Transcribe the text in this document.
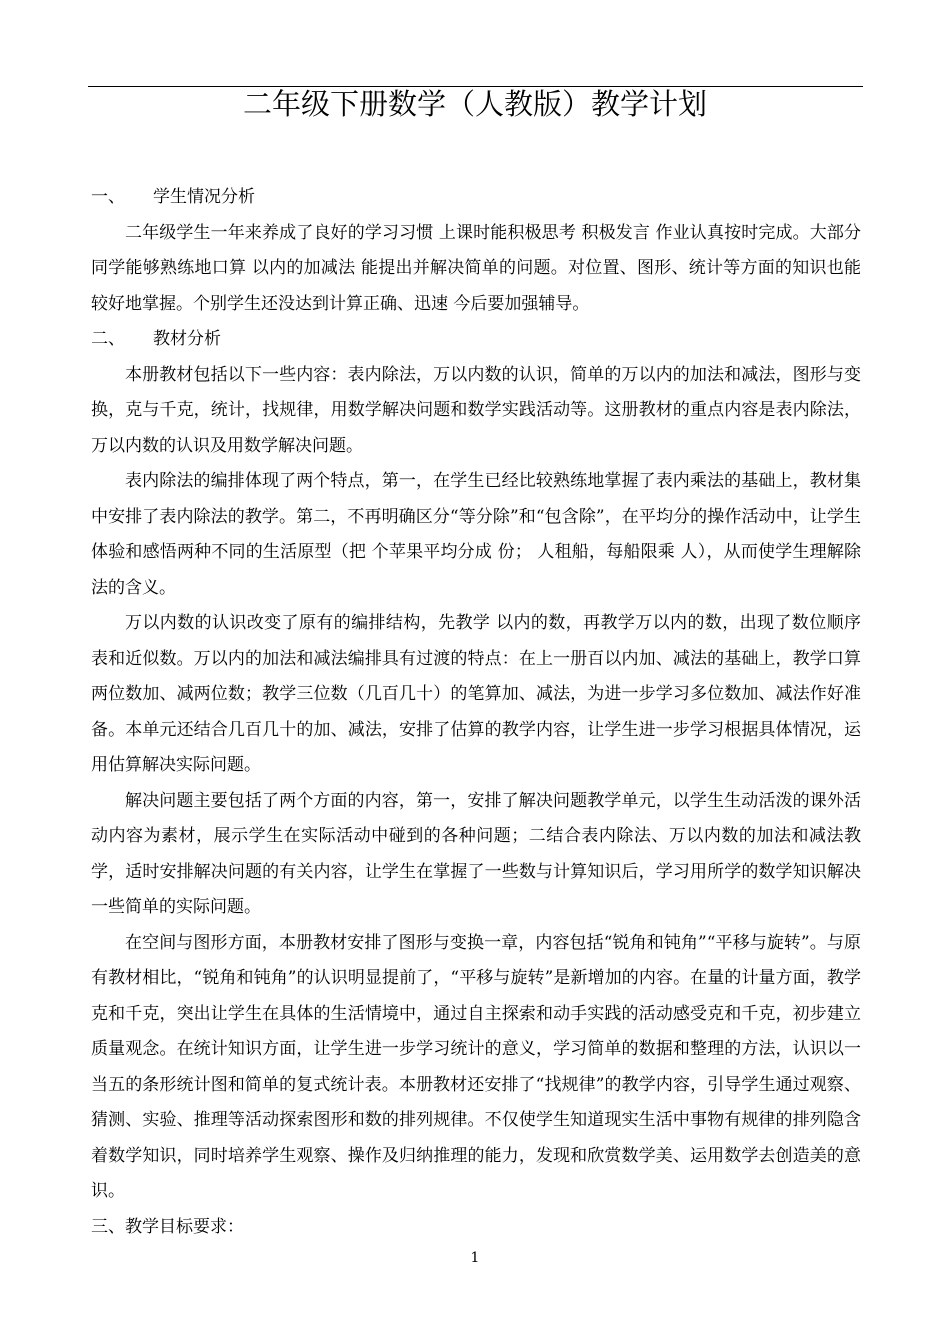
二年级下册数学（人教版）教学计划
一、	学生情况分析

二年级学生一年来养成了良好的学习习惯 上课时能积极思考 积极发言 作业认真按时完成。大部分同学能够熟练地口算 以内的加减法 能提出并解决简单的问题。对位置、图形、统计等方面的知识也能较好地掌握。个别学生还没达到计算正确、迅速 今后要加强辅导。

二、	教材分析

本册教材包括以下一些内容：表内除法，万以内数的认识，简单的万以内的加法和减法，图形与变换，克与千克，统计，找规律，用数学解决问题和数学实践活动等。这册教材的重点内容是表内除法，万以内数的认识及用数学解决问题。

表内除法的编排体现了两个特点，第一，在学生已经比较熟练地掌握了表内乘法的基础上，教材集中安排了表内除法的教学。第二，不再明确区分“等分除”和“包含除”，在平均分的操作活动中，让学生体验和感悟两种不同的生活原型（把 个苹果平均分成 份； 人租船，每船限乘 人），从而使学生理解除法的含义。

万以内数的认识改变了原有的编排结构，先教学 以内的数，再教学万以内的数，出现了数位顺序表和近似数。万以内的加法和减法编排具有过渡的特点：在上一册百以内加、减法的基础上，教学口算两位数加、减两位数；教学三位数（几百几十）的笔算加、减法，为进一步学习多位数加、减法作好准备。本单元还结合几百几十的加、减法，安排了估算的教学内容，让学生进一步学习根据具体情况，运用估算解决实际问题。

解决问题主要包括了两个方面的内容，第一，安排了解决问题教学单元，以学生生动活泼的课外活动内容为素材，展示学生在实际活动中碰到的各种问题；二结合表内除法、万以内数的加法和减法教学，适时安排解决问题的有关内容，让学生在掌握了一些数与计算知识后，学习用所学的数学知识解决一些简单的实际问题。

在空间与图形方面，本册教材安排了图形与变换一章，内容包括“锐角和钝角”“平移与旋转”。与原有教材相比，“锐角和钝角”的认识明显提前了，“平移与旋转”是新增加的内容。在量的计量方面，教学克和千克，突出让学生在具体的生活情境中，通过自主探索和动手实践的活动感受克和千克，初步建立质量观念。在统计知识方面，让学生进一步学习统计的意义，学习简单的数据和整理的方法，认识以一当五的条形统计图和简单的复式统计表。本册教材还安排了“找规律”的教学内容，引导学生通过观察、猜测、实验、推理等活动探索图形和数的排列规律。不仅使学生知道现实生活中事物有规律的排列隐含着数学知识，同时培养学生观察、操作及归纳推理的能力，发现和欣赏数学美、运用数学去创造美的意识。

三、 教学目标要求：
1
